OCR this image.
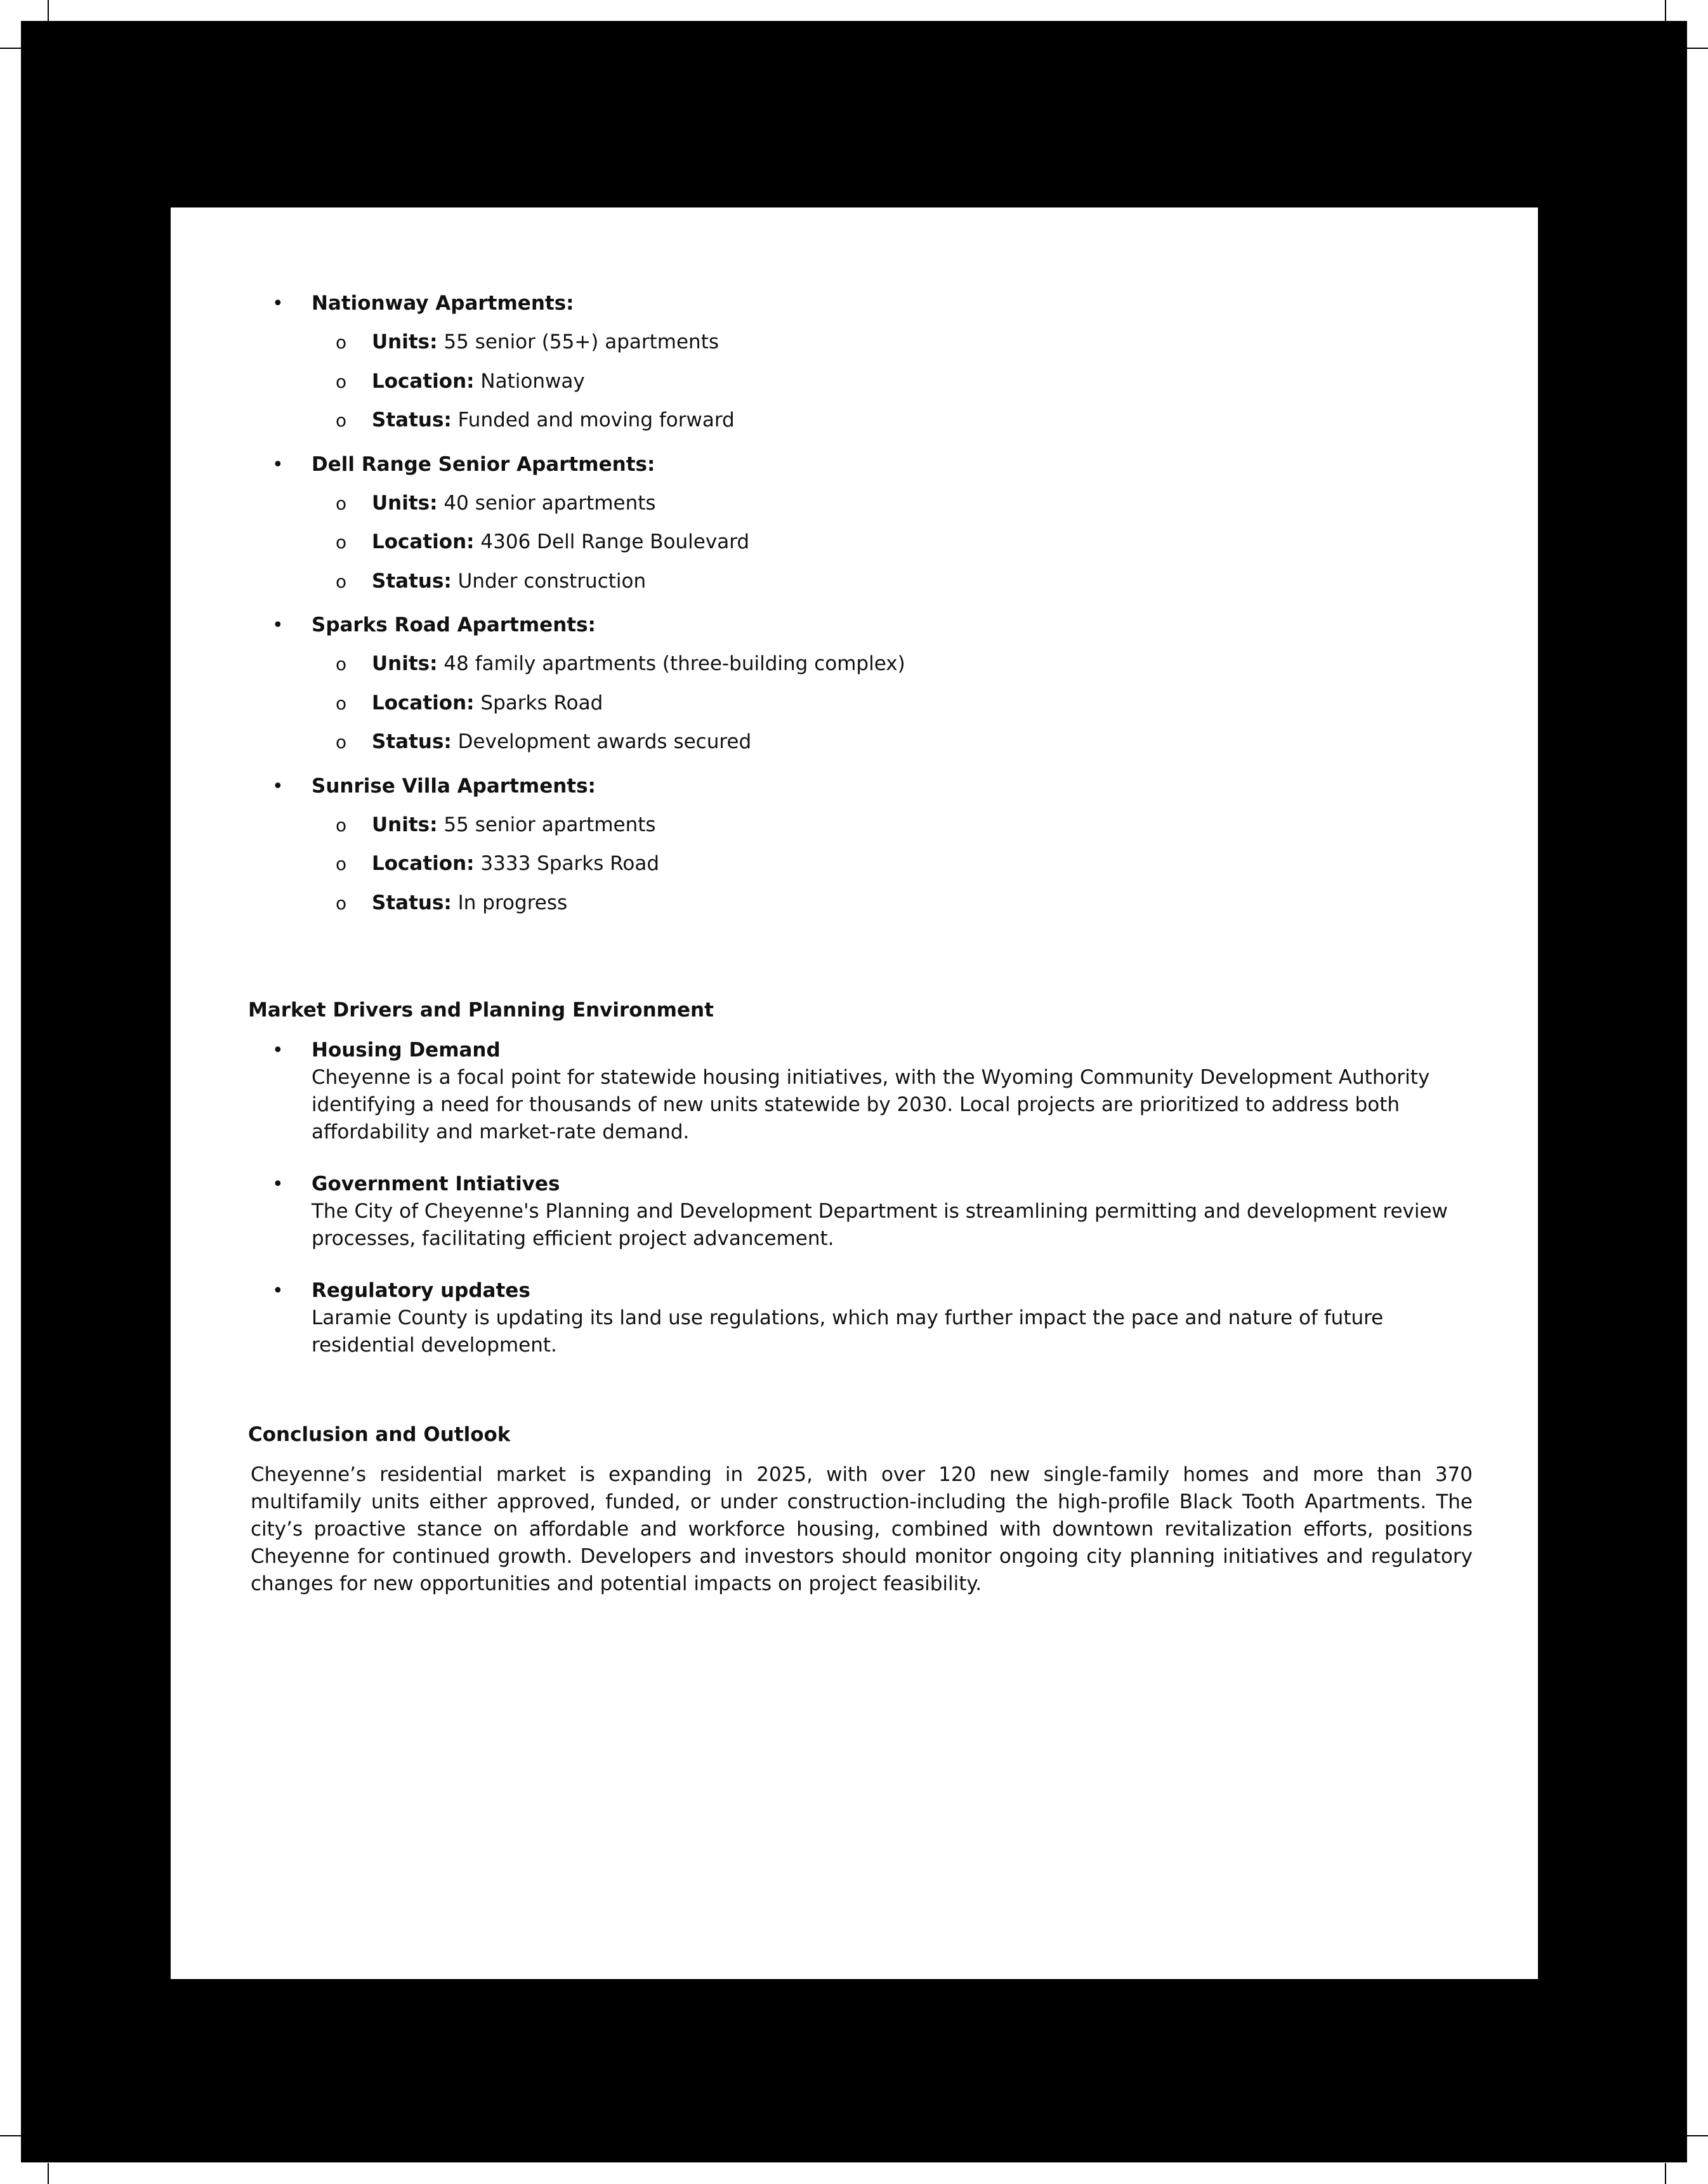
• Nationway Apartments:
o Units: 55 senior (55+) apartments
o Location: Nationway
o Status: Funded and moving forward
• Dell Range Senior Apartments:
o Units: 40 senior apartments
o Location: 4306 Dell Range Boulevard
o Status: Under construction
• Sparks Road Apartments:
o Units: 48 family apartments (three-building complex)
o Location: Sparks Road
o Status: Development awards secured
• Sunrise Villa Apartments:
o Units: 55 senior apartments
o Location: 3333 Sparks Road
o Status: In progress
Market Drivers and Planning Environment
• Housing Demand
Cheyenne is a focal point for statewide housing initiatives, with the Wyoming Community Development Authority identifying a need for thousands of new units statewide by 2030. Local projects are prioritized to address both affordability and market-rate demand.
• Government Intiatives
The City of Cheyenne's Planning and Development Department is streamlining permitting and development review processes, facilitating efficient project advancement.
• Regulatory updates
Laramie County is updating its land use regulations, which may further impact the pace and nature of future residential development.
Conclusion and Outlook
Cheyenne’s residential market is expanding in 2025, with over 120 new single-family homes and more than 370 multifamily units either approved, funded, or under construction-including the high-profile Black Tooth Apartments. The city’s proactive stance on affordable and workforce housing, combined with downtown revitalization efforts, positions Cheyenne for continued growth. Developers and investors should monitor ongoing city planning initiatives and regulatory changes for new opportunities and potential impacts on project feasibility.
